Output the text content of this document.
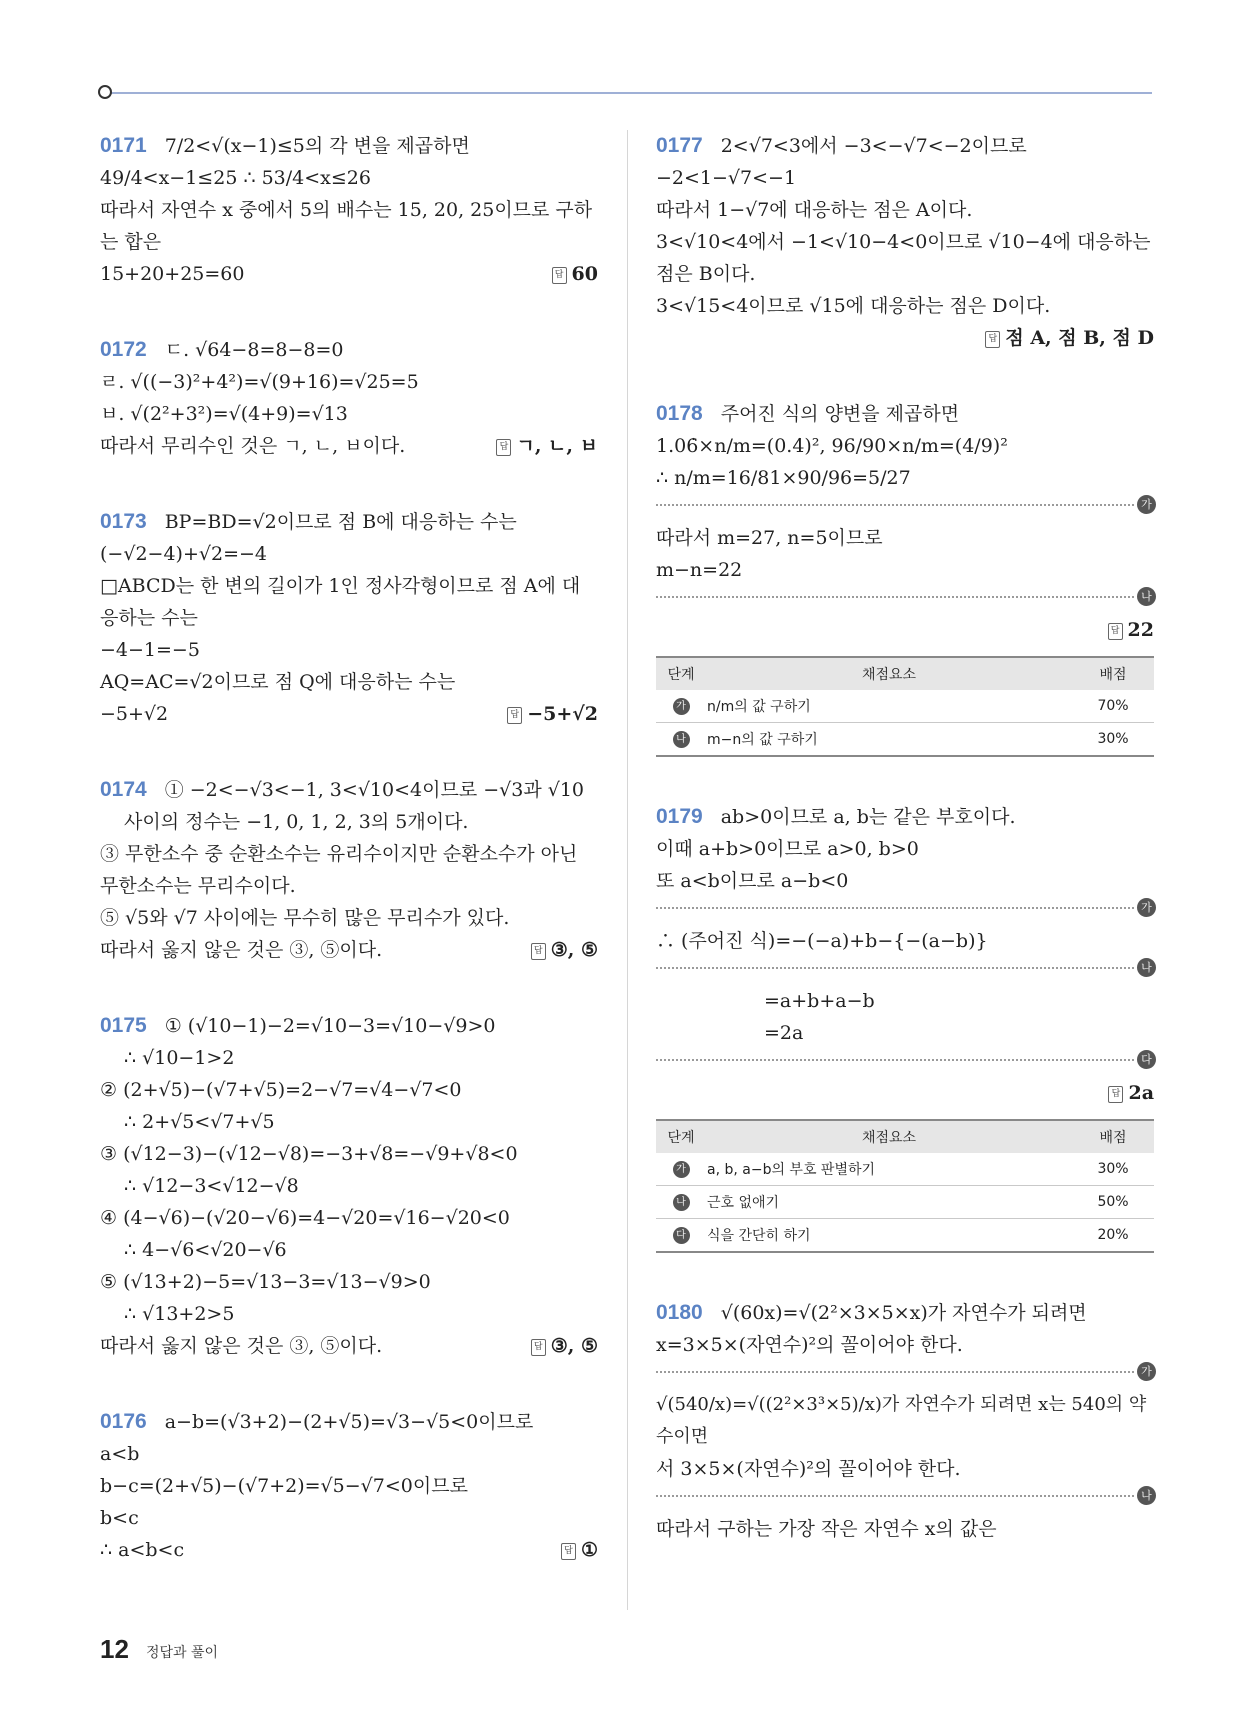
0171 7/2<√(x−1)≤5의 각 변을 제곱하면
49/4<x−1≤25 ∴ 53/4<x≤26
따라서 자연수 x 중에서 5의 배수는 15, 20, 25이므로 구하는 합은
15+20+25=60	답 60
0172 ㄷ. √64−8=8−8=0
ㄹ. √((−3)²+4²)=√(9+16)=√25=5
ㅂ. √(2²+3²)=√(4+9)=√13
따라서 무리수인 것은 ㄱ, ㄴ, ㅂ이다.	답 ㄱ, ㄴ, ㅂ
0173 BP=BD=√2이므로 점 B에 대응하는 수는
(−√2−4)+√2=−4
□ABCD는 한 변의 길이가 1인 정사각형이므로 점 A에 대응하는 수는
−4−1=−5
AQ=AC=√2이므로 점 Q에 대응하는 수는
−5+√2	답 −5+√2
0174 ① −2<−√3<−1, 3<√10<4이므로 −√3과 √10
사이의 정수는 −1, 0, 1, 2, 3의 5개이다.
③ 무한소수 중 순환소수는 유리수이지만 순환소수가 아닌 무한소수는 무리수이다.
⑤ √5와 √7 사이에는 무수히 많은 무리수가 있다.
따라서 옳지 않은 것은 ③, ⑤이다.	답 ③, ⑤
0175 ① (√10−1)−2=√10−3=√10−√9>0
∴ √10−1>2
② (2+√5)−(√7+√5)=2−√7=√4−√7<0
∴ 2+√5<√7+√5
③ (√12−3)−(√12−√8)=−3+√8=−√9+√8<0
∴ √12−3<√12−√8
④ (4−√6)−(√20−√6)=4−√20=√16−√20<0
∴ 4−√6<√20−√6
⑤ (√13+2)−5=√13−3=√13−√9>0
∴ √13+2>5
따라서 옳지 않은 것은 ③, ⑤이다.	답 ③, ⑤
0176 a−b=(√3+2)−(2+√5)=√3−√5<0이므로
a<b
b−c=(2+√5)−(√7+2)=√5−√7<0이므로
b<c
∴ a<b<c	답 ①
0177 2<√7<3에서 −3<−√7<−2이므로
−2<1−√7<−1
따라서 1−√7에 대응하는 점은 A이다.
3<√10<4에서 −1<√10−4<0이므로 √10−4에 대응하는
점은 B이다.
3<√15<4이므로 √15에 대응하는 점은 D이다.
답 점 A, 점 B, 점 D
0178 주어진 식의 양변을 제곱하면
1.06̇×n/m=(0.4̇)², 96/90×n/m=(4/9)²
∴ n/m=16/81×90/96=5/27
가
따라서 m=27, n=5이므로
m−n=22
나
답 22
단계	채점요소	배점
가	n/m의 값 구하기	70%
나	m−n의 값 구하기	30%
0179 ab>0이므로 a, b는 같은 부호이다.
이때 a+b>0이므로 a>0, b>0
또 a<b이므로 a−b<0
가
∴ (주어진 식)=−(−a)+b−{−(a−b)}
나
=a+b+a−b
=2a
다
답 2a
단계	채점요소	배점
가	a, b, a−b의 부호 판별하기	30%
나	근호 없애기	50%
다	식을 간단히 하기	20%
0180 √(60x)=√(2²×3×5×x)가 자연수가 되려면
x=3×5×(자연수)²의 꼴이어야 한다.
가
√(540/x)=√((2²×3³×5)/x)가 자연수가 되려면 x는 540의 약수이면
서 3×5×(자연수)²의 꼴이어야 한다.
나
따라서 구하는 가장 작은 자연수 x의 값은
12 정답과 풀이
